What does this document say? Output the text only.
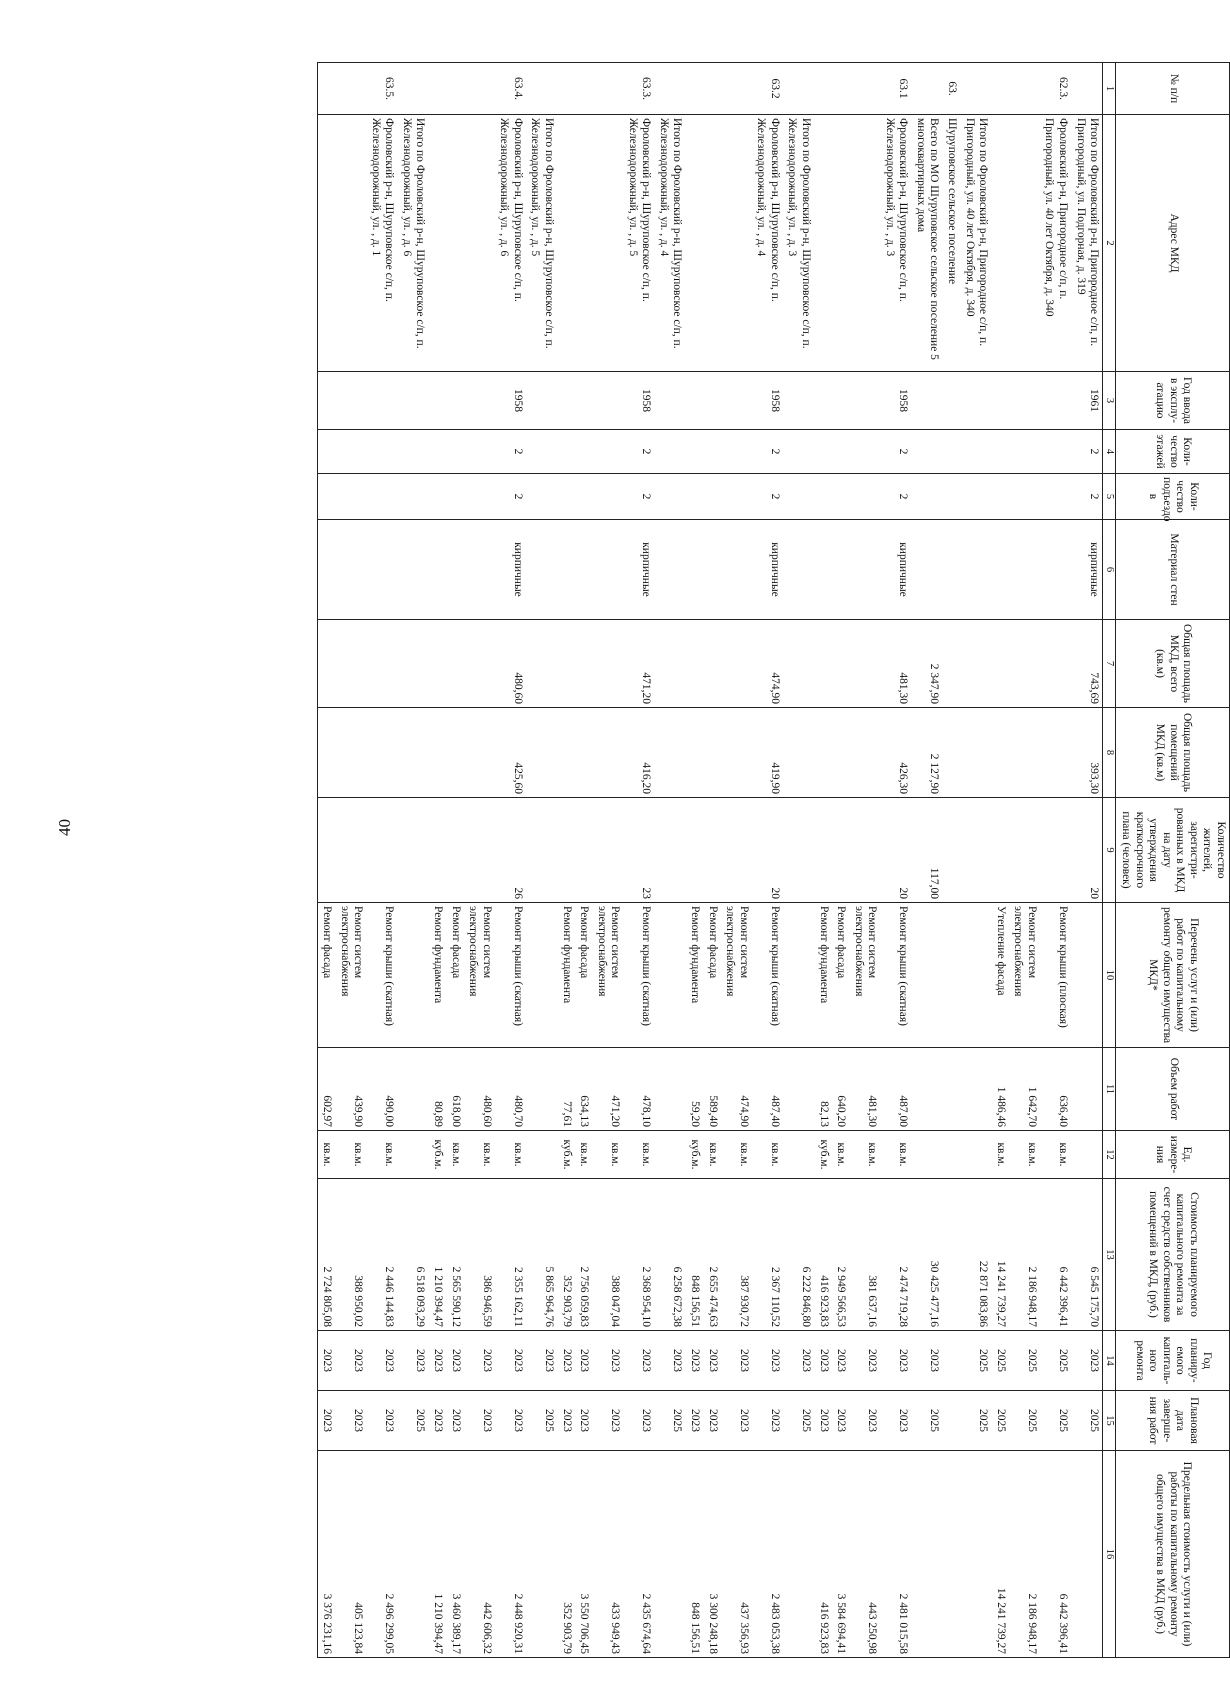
40
№ п/п	Адрес МКД	Год ввода в эксплу-атацию	Коли-чество этажей	Коли-чество подъездо в	Материал стен	Общая площадь МКД, всего (кв.м)	Общая площадь помещений МКД (кв.м)	Количество жителей, зарегистри-рованных в МКД на дату утверждения краткосрочного плана (человек)	Перечень услуг и (или) работ по капитальному ремонту общего имущества МКД*	Объем работ	Ед. измере-ния	Стоимость планируемого капитального ремонта за счет средств собственников помещений в МКД, (руб.)	Год планиру-емого капиталь-ного ремонта	Плановая дата заверше-ния работ	Предельная стоимость услуги и (или) работы по капитальному ремонту общего имущества в МКД (руб.)
1	2	3	4	5	6	7	8	9	10	11	12	13	14	15	16
	Итого по Фроловский р-н, Пригородное с/п, п. Пригородный, ул. Подгорная, д. 319	1961	2	2	кирпичные	743,69	393,30	20				6 545 175,70	2023	2025	
62.3.	Фроловский р-н, Пригородное с/п, п. Пригородный, ул. 40 лет Октября, д. 340								Ремонт крыши (плоская)	636,40	кв.м.	6 442 396,41	2025	2025	6 442 396,41
									Ремонт систем электроснабжения	1 642,70	кв.м.	2 186 948,17	2025	2025	2 186 948,17
									Утепление фасада	1 486,46	кв.м.	14 241 739,27	2025	2025	14 241 739,27
	Итого по Фроловский р-н, Пригородное с/п, п. Пригородный, ул. 40 лет Октября, д. 340											22 871 083,86	2025	2025	
63.	Шуруповское сельское поселение														
	Всего по МО Шуруповское сельское поселение 5 многоквартирных дома					2 347,90	2 127,90	117,00				30 425 477,16	2023	2025	
63.1	Фроловский р-н, Шуруповское с/п, п. Железнодорожный, ул. , д. 3	1958	2	2	кирпичные	481,30	426,30	20	Ремонт крыши (скатная)	487,00	кв.м.	2 474 719,28	2023	2023	2 481 015,58
									Ремонт систем электроснабжения	481,30	кв.м.	381 637,16	2023	2023	443 250,98
									Ремонт фасада	640,20	кв.м.	2 949 566,53	2023	2023	3 584 694,41
									Ремонт фундамента	82,13	куб.м.	416 923,83	2023	2023	416 923,83
	Итого по Фроловский р-н, Шуруповское с/п, п. Железнодорожный, ул. , д. 3											6 222 846,80	2023	2025	
63.2	Фроловский р-н, Шуруповское с/п, п. Железнодорожный, ул. , д. 4	1958	2	2	кирпичные	474,90	419,90	20	Ремонт крыши (скатная)	487,40	кв.м.	2 367 110,52	2023	2023	2 483 053,38
									Ремонт систем электроснабжения	474,90	кв.м.	387 930,72	2023	2023	437 356,93
									Ремонт фасада	589,40	кв.м.	2 655 474,63	2023	2023	3 300 248,18
									Ремонт фундамента	59,20	куб.м.	848 156,51	2023	2023	848 156,51
	Итого по Фроловский р-н, Шуруповское с/п, п. Железнодорожный, ул. , д. 4											6 258 672,38	2023	2025	
63.3.	Фроловский р-н, Шуруповское с/п, п. Железнодорожный, ул. , д. 5	1958	2	2	кирпичные	471,20	416,20	23	Ремонт крыши (скатная)	478,10	кв.м.	2 368 954,10	2023	2023	2 435 674,64
									Ремонт систем электроснабжения	471,20	кв.м.	388 047,04	2023	2023	433 949,43
									Ремонт фасада	634,13	кв.м.	2 756 059,83	2023	2023	3 550 706,45
									Ремонт фундамента	77,61	куб.м.	352 903,79	2023	2023	352 903,79
	Итого по Фроловский р-н, Шуруповское с/п, п. Железнодорожный, ул. , д. 5											5 865 964,76	2023	2025	
63.4.	Фроловский р-н, Шуруповское с/п, п. Железнодорожный, ул. , д. 6	1958	2	2	кирпичные	480,60	425,60	26	Ремонт крыши (скатная)	480,70	кв.м.	2 355 162,11	2023	2023	2 448 920,31
									Ремонт систем электроснабжения	480,60	кв.м.	386 946,59	2023	2023	442 606,32
									Ремонт фасада	618,00	кв.м.	2 565 590,12	2023	2023	3 460 389,17
									Ремонт фундамента	80,89	куб.м.	1 210 394,47	2023	2023	1 210 394,47
	Итого по Фроловский р-н, Шуруповское с/п, п. Железнодорожный, ул. , д. 6											6 518 093,29	2023	2025	
63.5.	Фроловский р-н, Шуруповское с/п, п. Железнодорожный, ул. , д. 1								Ремонт крыши (скатная)	490,00	кв.м.	2 446 144,83	2023	2023	2 496 299,05
									Ремонт систем электроснабжения	439,90	кв.м.	388 950,02	2023	2023	405 123,84
									Ремонт фасада	602,97	кв.м.	2 724 805,08	2023	2023	3 376 231,16
